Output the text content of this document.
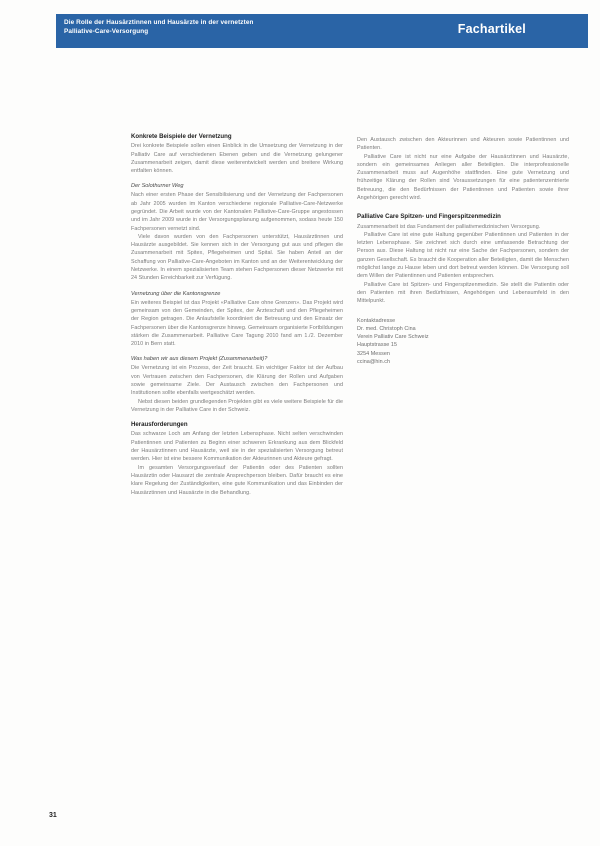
Die Rolle der Hausärztinnen und Hausärzte in der vernetzten
Palliative-Care-Versorgung	Fachartikel
Konkrete Beispiele der Vernetzung

Drei konkrete Beispiele sollen einen Einblick in die Umsetzung der Vernetzung in der Palliativ Care auf verschiedenen Ebenen geben und die Vernetzung gelungener Zusammenarbeit zeigen, damit diese weiterentwickelt werden und breitere Wirkung entfalten können.

Der Solothurner Weg

Nach einer ersten Phase der Sensibilisierung und der Vernetzung der Fachpersonen ab Jahr 2005 wurden im Kanton verschiedene regionale Palliative-Care-Netzwerke gegründet. Die Arbeit wurde von der Kantonalen Palliative-Care-Gruppe angestossen und im Jahr 2009 wurde in der Versorgungsplanung aufgenommen, sodass heute 150 Fachpersonen vernetzt sind.

Viele davon wurden von den Fachpersonen unterstützt, Hausärztinnen und Hausärzte ausgebildet. Sie kennen sich in der Versorgung gut aus und pflegen die Zusammenarbeit mit Spitex, Pflegeheimen und Spital. Sie haben Anteil an der Schaffung von Palliative-Care-Angeboten im Kanton und an der Weiterentwicklung der Netzwerke. In einem spezialisierten Team stehen Fachpersonen dieser Netzwerke mit 24 Stunden Erreichbarkeit zur Verfügung.

Vernetzung über die Kantonsgrenze

Ein weiteres Beispiel ist das Projekt «Palliative Care ohne Grenzen». Das Projekt wird gemeinsam von den Gemeinden, der Spitex, der Ärzteschaft und den Pflegeheimen der Region getragen. Die Anlaufstelle koordiniert die Betreuung und den Einsatz der Fachpersonen über die Kantonsgrenze hinweg. Gemeinsam organisierte Fortbildungen stärken die Zusammenarbeit. Palliative Care Tagung 2010 fand am 1./2. Dezember 2010 in Bern statt.

Was haben wir aus diesem Projekt (Zusammenarbeit)?

Die Vernetzung ist ein Prozess, der Zeit braucht. Ein wichtiger Faktor ist der Aufbau von Vertrauen zwischen den Fachpersonen, die Klärung der Rollen und Aufgaben sowie gemeinsame Ziele. Der Austausch zwischen den Fachpersonen und Institutionen sollte ebenfalls wertgeschätzt werden.

Nebst diesen beiden grundlegenden Projekten gibt es viele weitere Beispiele für die Vernetzung in der Palliative Care in der Schweiz.

Herausforderungen

Das schwarze Loch am Anfang der letzten Lebensphase. Nicht selten verschwinden Patientinnen und Patienten zu Beginn einer schweren Erkrankung aus dem Blickfeld der Hausärztinnen und Hausärzte, weil sie in der spezialisierten Versorgung betreut werden. Hier ist eine bessere Kommunikation der Akteurinnen und Akteure gefragt.

Im gesamten Versorgungsverlauf der Patientin oder des Patienten sollten Hausärztin oder Hausarzt die zentrale Ansprechperson bleiben. Dafür braucht es eine klare Regelung der Zuständigkeiten, eine gute Kommunikation und das Einbinden der Hausärztinnen und Hausärzte in die Behandlung.

Den Austausch zwischen den Akteurinnen und Akteuren sowie Patientinnen und Patienten.

Palliative Care ist nicht nur eine Aufgabe der Hausärztinnen und Hausärzte, sondern ein gemeinsames Anliegen aller Beteiligten. Die interprofessionelle Zusammenarbeit muss auf Augenhöhe stattfinden. Eine gute Vernetzung und frühzeitige Klärung der Rollen sind Voraussetzungen für eine patientenzentrierte Betreuung, die den Bedürfnissen der Patientinnen und Patienten sowie ihrer Angehörigen gerecht wird.

Palliative Care Spitzen- und Fingerspitzenmedizin

Zusammenarbeit ist das Fundament der palliativmedizinischen Versorgung.

Palliative Care ist eine gute Haltung gegenüber Patientinnen und Patienten in der letzten Lebensphase. Sie zeichnet sich durch eine umfassende Betrachtung der Person aus. Diese Haltung ist nicht nur eine Sache der Fachpersonen, sondern der ganzen Gesellschaft. Es braucht die Kooperation aller Beteiligten, damit die Menschen möglichst lange zu Hause leben und dort betreut werden können. Die Versorgung soll dem Willen der Patientinnen und Patienten entsprechen.

Palliative Care ist Spitzen- und Fingerspitzenmedizin. Sie stellt die Patientin oder den Patienten mit ihren Bedürfnissen, Angehörigen und Lebensumfeld in den Mittelpunkt.

Kontaktadresse

Dr. med. Christoph Cina

Verein Palliativ Care Schweiz

Hauptstrasse 15

3254 Messen

ccina@hin.ch

31
